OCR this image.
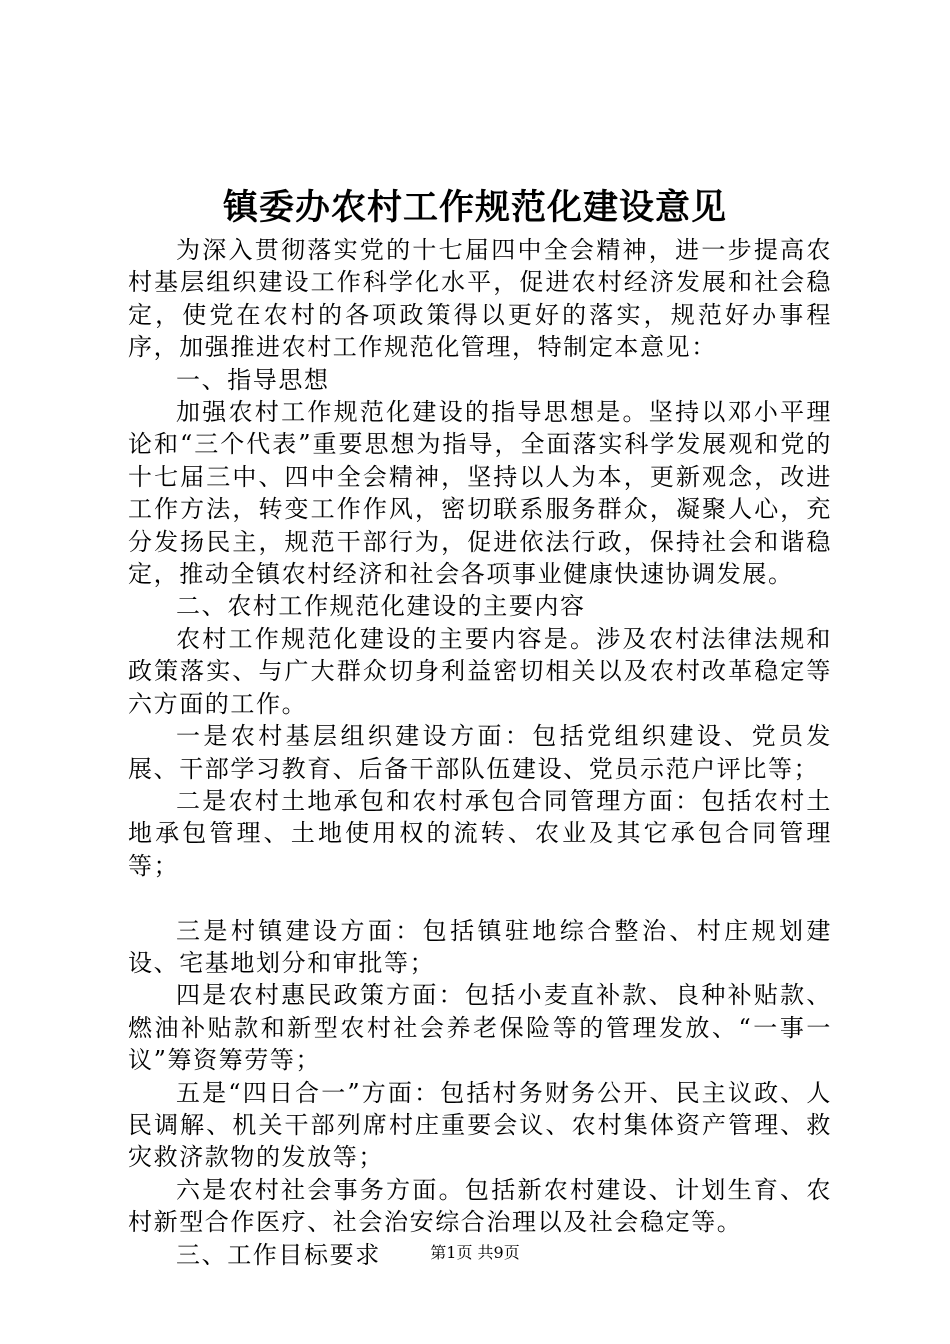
镇委办农村工作规范化建设意见

为深入贯彻落实党的十七届四中全会精神，进一步提高农村基层组织建设工作科学化水平，促进农村经济发展和社会稳定，使党在农村的各项政策得以更好的落实，规范好办事程序，加强推进农村工作规范化管理，特制定本意见：

一、指导思想

加强农村工作规范化建设的指导思想是。坚持以邓小平理论和“三个代表”重要思想为指导，全面落实科学发展观和党的十七届三中、四中全会精神，坚持以人为本，更新观念，改进工作方法，转变工作作风，密切联系服务群众，凝聚人心，充分发扬民主，规范干部行为，促进依法行政，保持社会和谐稳定，推动全镇农村经济和社会各项事业健康快速协调发展。

二、农村工作规范化建设的主要内容

农村工作规范化建设的主要内容是。涉及农村法律法规和政策落实、与广大群众切身利益密切相关以及农村改革稳定等六方面的工作。

一是农村基层组织建设方面：包括党组织建设、党员发展、干部学习教育、后备干部队伍建设、党员示范户评比等；

二是农村土地承包和农村承包合同管理方面：包括农村土地承包管理、土地使用权的流转、农业及其它承包合同管理等；

三是村镇建设方面：包括镇驻地综合整治、村庄规划建设、宅基地划分和审批等；

四是农村惠民政策方面：包括小麦直补款、良种补贴款、燃油补贴款和新型农村社会养老保险等的管理发放、“一事一议”筹资筹劳等；

五是“四日合一”方面：包括村务财务公开、民主议政、人民调解、机关干部列席村庄重要会议、农村集体资产管理、救灾救济款物的发放等；

六是农村社会事务方面。包括新农村建设、计划生育、农村新型合作医疗、社会治安综合治理以及社会稳定等。

三、工作目标要求	第1页 共9页
